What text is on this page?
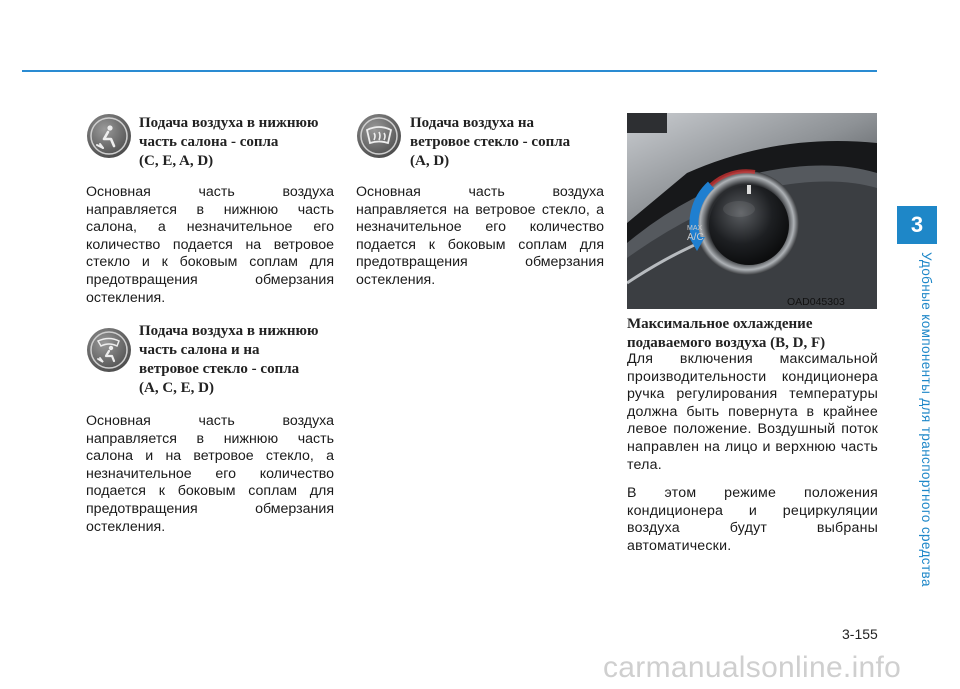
3
Удобные компоненты для транспортного средства
Подача воздуха в нижнюю
часть салона - сопла
(C, E, A, D)
Основная часть воздуха направляется в нижнюю часть салона, а незначительное его количество подается на ветровое стекло и к боковым соплам для предотвращения обмерзания остекления.
Подача воздуха в нижнюю
часть салона и на
ветровое стекло - сопла
(A, C, E, D)
Основная часть воздуха направляется в нижнюю часть салона и на ветровое стекло, а незначительное его количество подается к боковым соплам для предотвращения обмерзания остекления.
Подача воздуха на
ветровое стекло - сопла
(A, D)
Основная часть воздуха направляется на ветровое стекло, а незначительное его количество подается к боковым соплам для предотвращения обмерзания остекления.
MAX
A/C
OAD045303
Максимальное охлаждение
подаваемого воздуха (B, D, F)
Для включения максимальной производительности кондиционера ручка регулирования температуры должна быть повернута в крайнее левое положение. Воздушный поток направлен на лицо и верхнюю часть тела.
В этом режиме положения кондиционера и рециркуляции воздуха будут выбраны автоматически.
3-155
carmanualsonline.info
